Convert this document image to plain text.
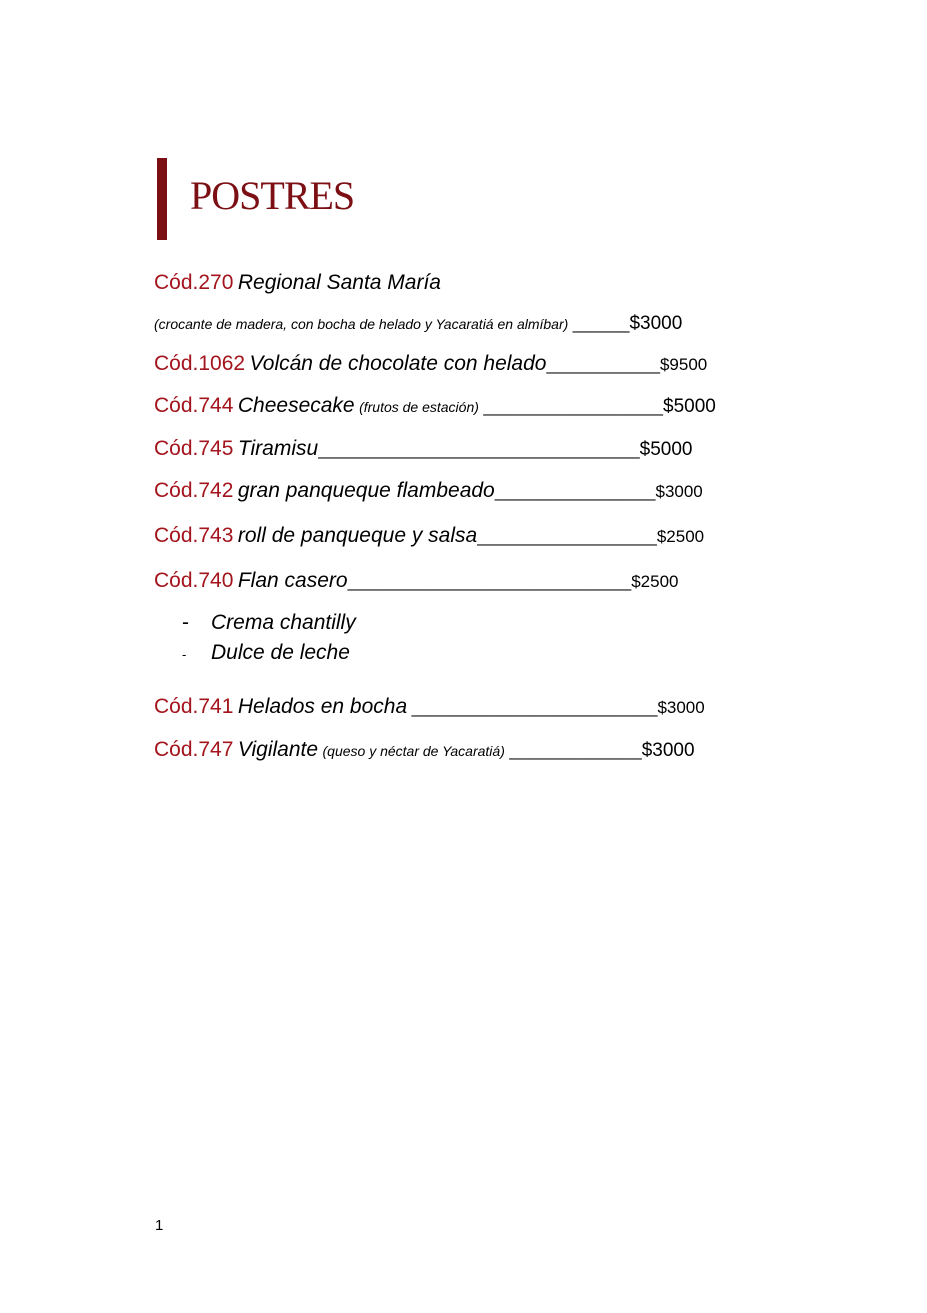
POSTRES
Cód.270 Regional Santa María
(crocante de madera, con bocha de helado y Yacaratiá en almíbar) ______$3000
Cód.1062 Volcán de chocolate con helado____________$9500
Cód.744 Cheesecake (frutos de estación) ___________________$5000
Cód.745 Tiramisu__________________________________$5000
Cód.742 gran panqueque flambeado_________________$3000
Cód.743 roll de panqueque y salsa___________________$2500
Cód.740 Flan casero______________________________$2500
- Crema chantilly
- Dulce de leche
Cód.741 Helados en bocha __________________________$3000
Cód.747 Vigilante (queso y néctar de Yacaratiá) ______________$3000
1
